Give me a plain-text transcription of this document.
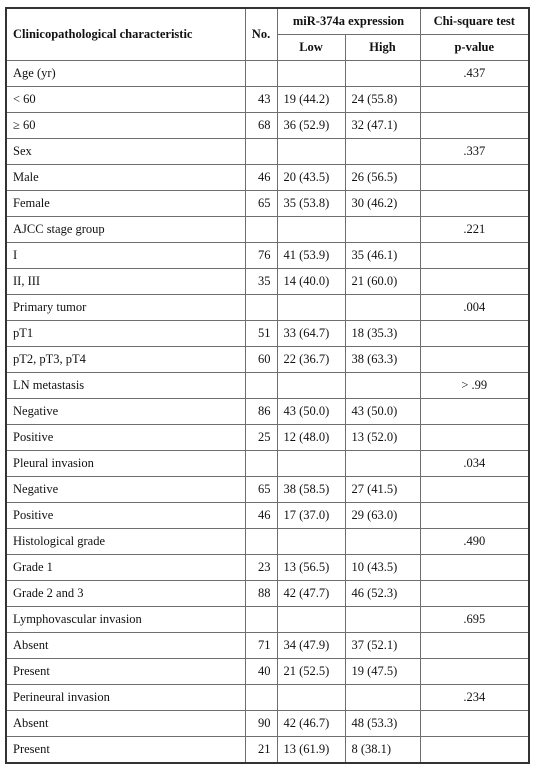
Clinicopathological characteristic	No.	miR-374a expression		Chi-square test
		Low	High	p-value
Age (yr)				.437
< 60	43	19 (44.2)	24 (55.8)	
≥ 60	68	36 (52.9)	32 (47.1)	
Sex				.337
Male	46	20 (43.5)	26 (56.5)	
Female	65	35 (53.8)	30 (46.2)	
AJCC stage group				.221
I	76	41 (53.9)	35 (46.1)	
II, III	35	14 (40.0)	21 (60.0)	
Primary tumor				.004
pT1	51	33 (64.7)	18 (35.3)	
pT2, pT3, pT4	60	22 (36.7)	38 (63.3)	
LN metastasis				> .99
Negative	86	43 (50.0)	43 (50.0)	
Positive	25	12 (48.0)	13 (52.0)	
Pleural invasion				.034
Negative	65	38 (58.5)	27 (41.5)	
Positive	46	17 (37.0)	29 (63.0)	
Histological grade				.490
Grade 1	23	13 (56.5)	10 (43.5)	
Grade 2 and 3	88	42 (47.7)	46 (52.3)	
Lymphovascular invasion				.695
Absent	71	34 (47.9)	37 (52.1)	
Present	40	21 (52.5)	19 (47.5)	
Perineural invasion				.234
Absent	90	42 (46.7)	48 (53.3)	
Present	21	13 (61.9)	8 (38.1)	
